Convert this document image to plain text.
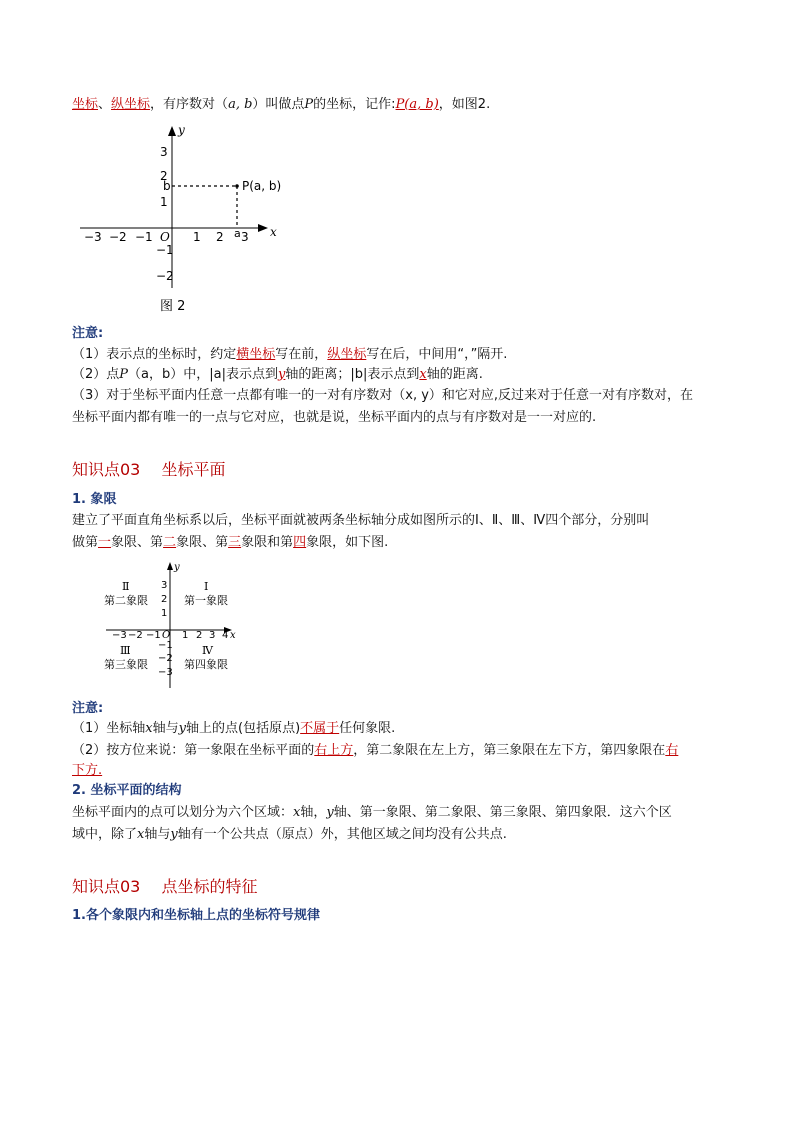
坐标、纵坐标，有序数对（a, b）叫做点P的坐标，记作:P(a, b)，如图2.
y
x
O
−3 −2 −1	1 2 3
3
2
1
−1
−2
P(a, b)
b
a
图 2
注意:
（1）表示点的坐标时，约定横坐标写在前，纵坐标写在后，中间用“，”隔开.
（2）点P（a，b）中，|a|表示点到y轴的距离；|b|表示点到x轴的距离.
（3）对于坐标平面内任意一点都有唯一的一对有序数对（x, y）和它对应,反过来对于任意一对有序数对，在
坐标平面内都有唯一的一点与它对应，也就是说，坐标平面内的点与有序数对是一一对应的.
知识点03　 坐标平面
1. 象限
建立了平面直角坐标系以后，坐标平面就被两条坐标轴分成如图所示的Ⅰ、Ⅱ、Ⅲ、Ⅳ四个部分，分别叫
做第一象限、第二象限、第三象限和第四象限，如下图.
y
x
O
−3 −2 −1 1 2 3 4
3
2
1
−1
−2
−3
Ⅱ
第二象限
Ⅰ
第一象限
Ⅲ
第三象限
Ⅳ
第四象限
注意:
（1）坐标轴x轴与y轴上的点(包括原点)不属于任何象限.
（2）按方位来说：第一象限在坐标平面的右上方，第二象限在左上方，第三象限在左下方，第四象限在右
下方.
2. 坐标平面的结构
坐标平面内的点可以划分为六个区域：x轴，y轴、第一象限、第二象限、第三象限、第四象限．这六个区
域中，除了x轴与y轴有一个公共点（原点）外，其他区域之间均没有公共点.
知识点03　 点坐标的特征
1.各个象限内和坐标轴上点的坐标符号规律
